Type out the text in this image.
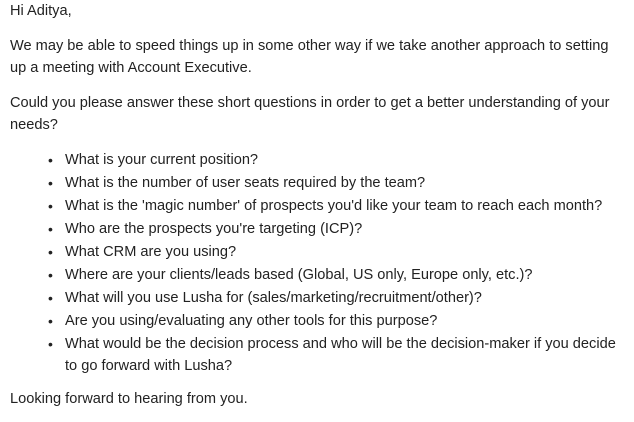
Hi Aditya,

We may be able to speed things up in some other way if we take another approach to setting up a meeting with Account Executive.

Could you please answer these short questions in order to get a better understanding of your needs?

• What is your current position?
• What is the number of user seats required by the team?
• What is the 'magic number' of prospects you'd like your team to reach each month?
• Who are the prospects you're targeting (ICP)?
• What CRM are you using?
• Where are your clients/leads based (Global, US only, Europe only, etc.)?
• What will you use Lusha for (sales/marketing/recruitment/other)?
• Are you using/evaluating any other tools for this purpose?
• What would be the decision process and who will be the decision-maker if you decide to go forward with Lusha?

Looking forward to hearing from you.
